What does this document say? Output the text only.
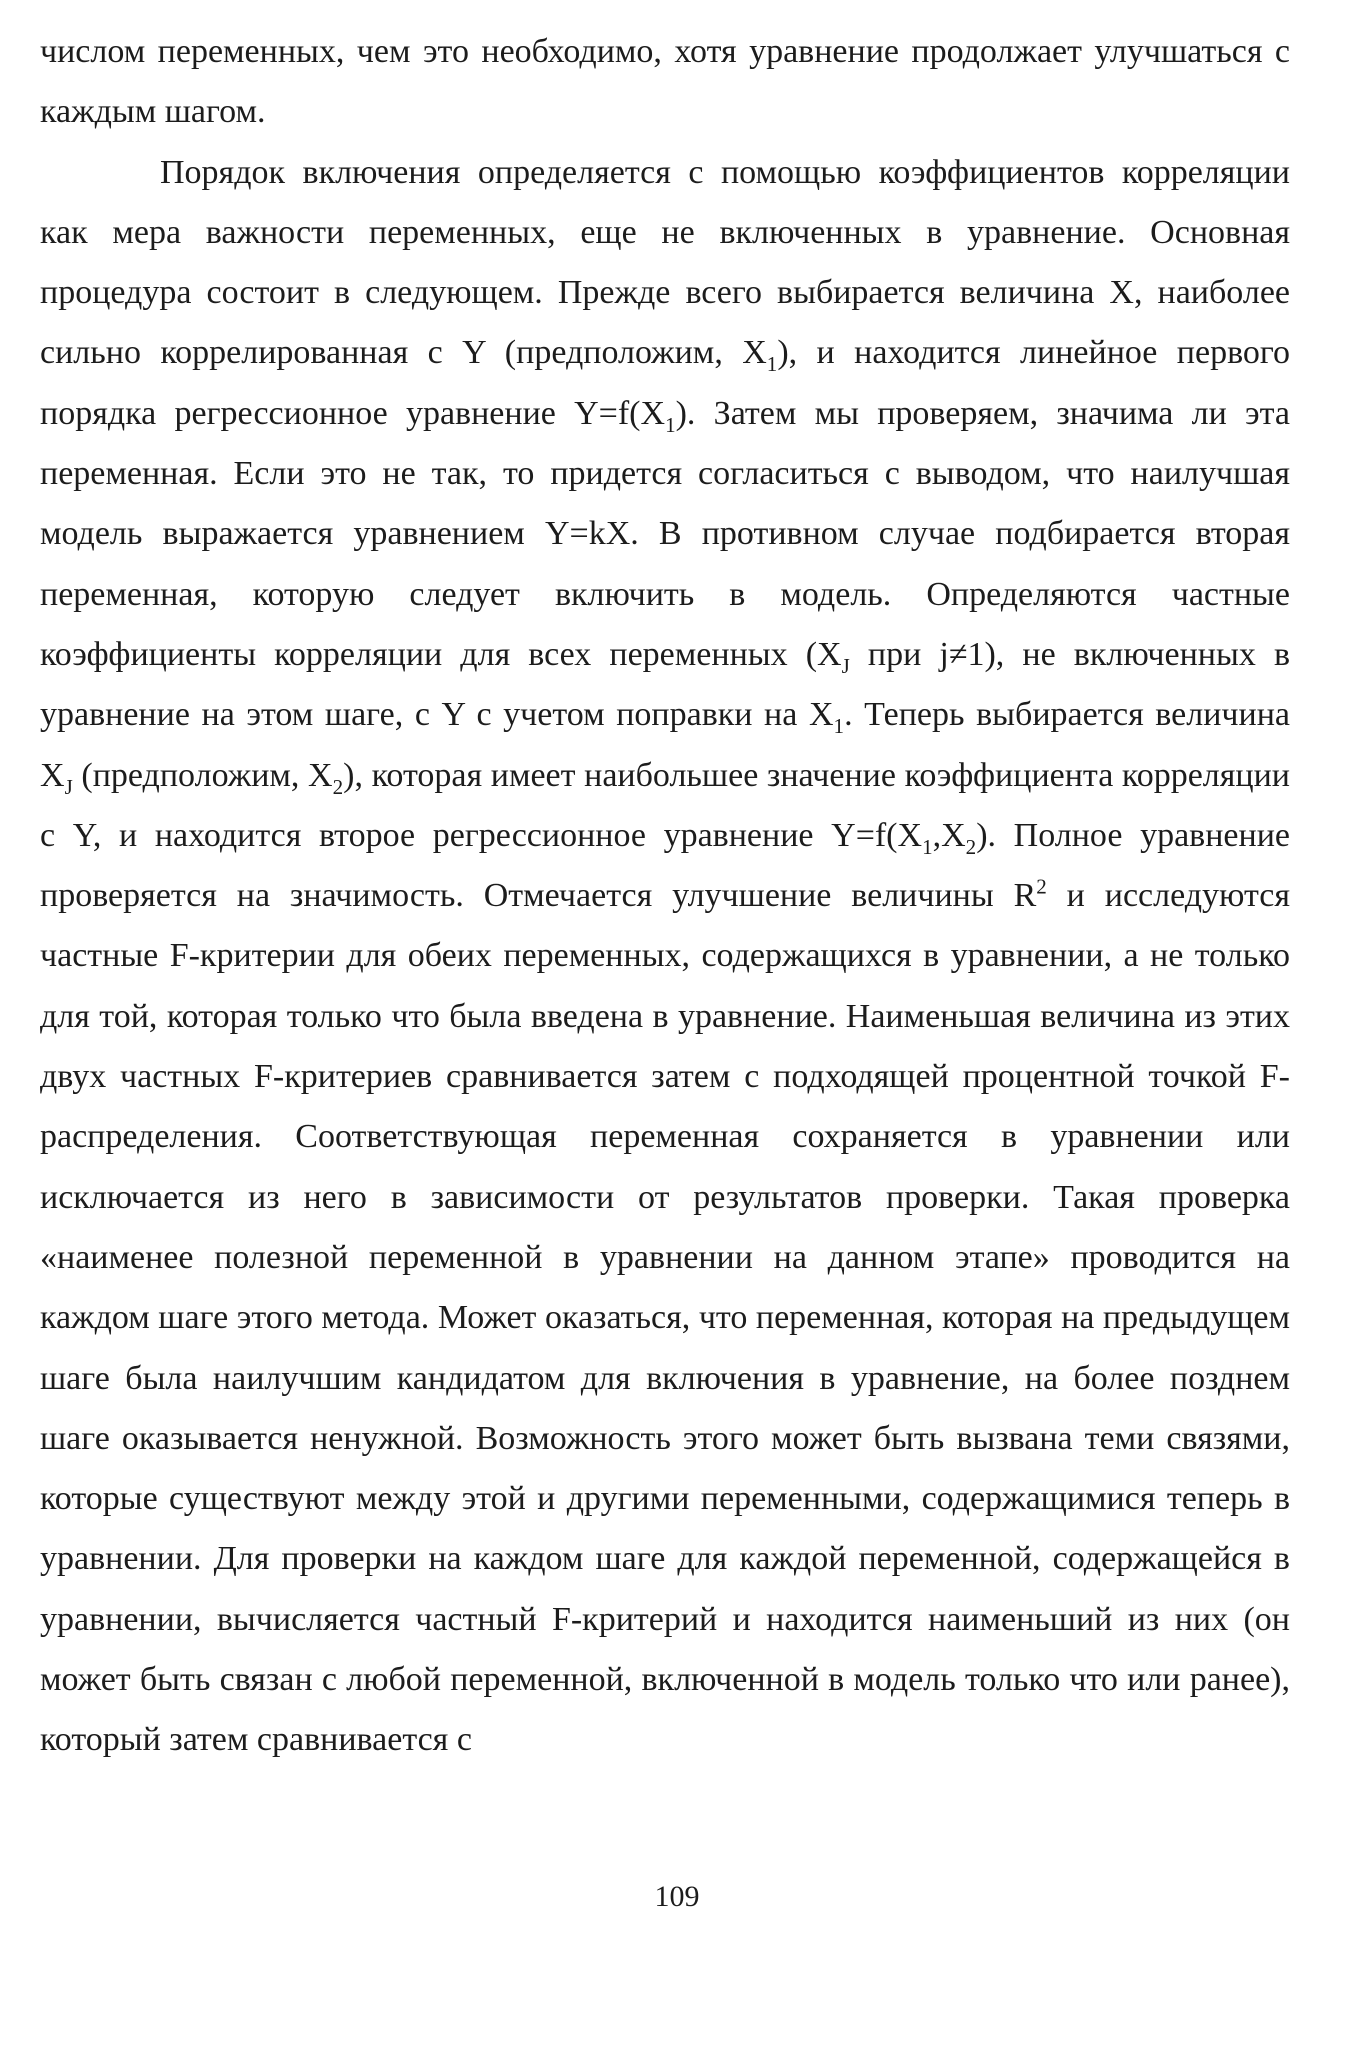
числом переменных, чем это необходимо, хотя уравнение продолжает улучшаться с каждым шагом.

Порядок включения определяется с помощью коэффициентов корреляции как мера важности переменных, еще не включенных в уравнение. Основная процедура состоит в следующем. Прежде всего выбирается величина X, наиболее сильно коррелированная с Y (предположим, $X_1$), и находится линейное первого порядка регрессионное уравнение $Y=f(X_1)$. Затем мы проверяем, значима ли эта переменная. Если это не так, то придется согласиться с выводом, что наилучшая модель выражается уравнением Y=kX. В противном случае подбирается вторая переменная, которую следует включить в модель. Определяются частные коэффициенты корреляции для всех переменных ($X_J$ при j≠1), не включенных в уравнение на этом шаге, с Y с учетом поправки на $X_1$. Теперь выбирается величина $X_J$ (предположим, $X_2$), которая имеет наибольшее значение коэффициента корреляции с Y, и находится второе регрессионное уравнение $Y=f(X_1,X_2)$. Полное уравнение проверяется на значимость. Отмечается улучшение величины $R^2$ и исследуются частные F-критерии для обеих переменных, содержащихся в уравнении, а не только для той, которая только что была введена в уравнение. Наименьшая величина из этих двух частных F-критериев сравнивается затем с подходящей процентной точкой F-распределения. Соответствующая переменная сохраняется в уравнении или исключается из него в зависимости от результатов проверки. Такая проверка «наименее полезной переменной в уравнении на данном этапе» проводится на каждом шаге этого метода. Может оказаться, что переменная, которая на предыдущем шаге была наилучшим кандидатом для включения в уравнение, на более позднем шаге оказывается ненужной. Возможность этого может быть вызвана теми связями, которые существуют между этой и другими переменными, содержащимися теперь в уравнении. Для проверки на каждом шаге для каждой переменной, содержащейся в уравнении, вычисляется частный F-критерий и находится наименьший из них (он может быть связан с любой переменной, включенной в модель только что или ранее), который затем сравнивается с

109
